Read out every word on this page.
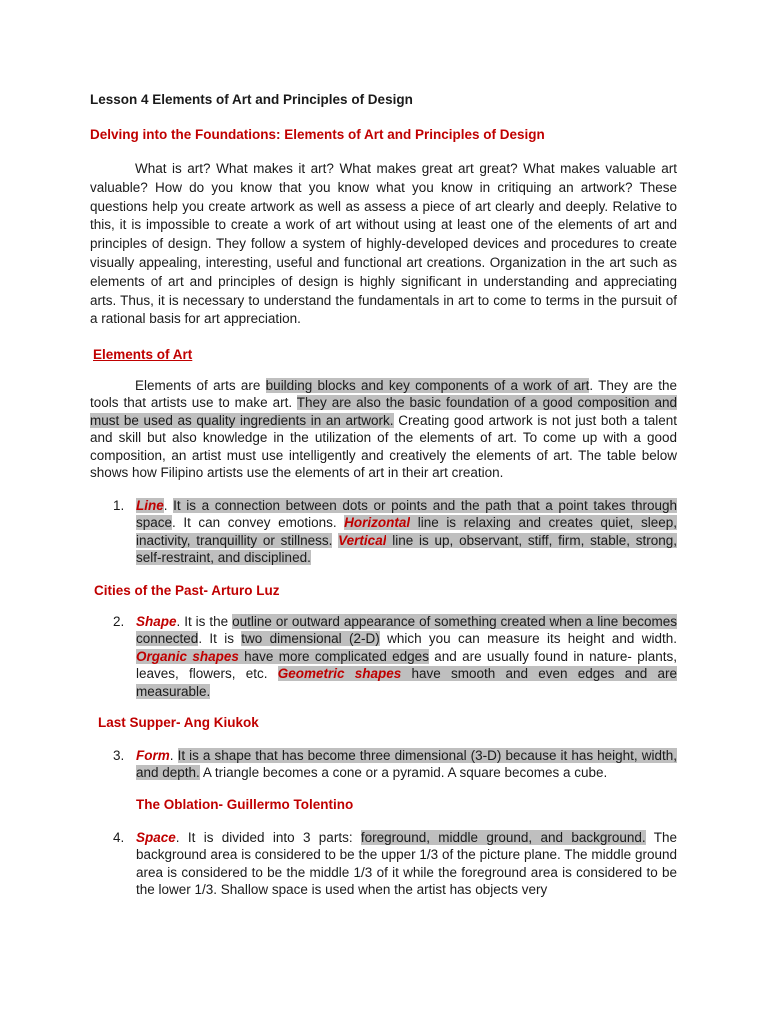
Lesson 4 Elements of Art and Principles of Design
Delving into the Foundations: Elements of Art and Principles of Design
What is art? What makes it art? What makes great art great? What makes valuable art valuable? How do you know that you know what you know in critiquing an artwork? These questions help you create artwork as well as assess a piece of art clearly and deeply. Relative to this, it is impossible to create a work of art without using at least one of the elements of art and principles of design. They follow a system of highly-developed devices and procedures to create visually appealing, interesting, useful and functional art creations. Organization in the art such as elements of art and principles of design is highly significant in understanding and appreciating arts. Thus, it is necessary to understand the fundamentals in art to come to terms in the pursuit of a rational basis for art appreciation.
Elements of Art
Elements of arts are building blocks and key components of a work of art. They are the tools that artists use to make art. They are also the basic foundation of a good composition and must be used as quality ingredients in an artwork. Creating good artwork is not just both a talent and skill but also knowledge in the utilization of the elements of art. To come up with a good composition, an artist must use intelligently and creatively the elements of art. The table below shows how Filipino artists use the elements of art in their art creation.
1. Line. It is a connection between dots or points and the path that a point takes through space. It can convey emotions. Horizontal line is relaxing and creates quiet, sleep, inactivity, tranquillity or stillness. Vertical line is up, observant, stiff, firm, stable, strong, self-restraint, and disciplined.
Cities of the Past- Arturo Luz
2. Shape. It is the outline or outward appearance of something created when a line becomes connected. It is two dimensional (2-D) which you can measure its height and width. Organic shapes have more complicated edges and are usually found in nature- plants, leaves, flowers, etc. Geometric shapes have smooth and even edges and are measurable.
Last Supper- Ang Kiukok
3. Form. It is a shape that has become three dimensional (3-D) because it has height, width, and depth. A triangle becomes a cone or a pyramid. A square becomes a cube.
The Oblation- Guillermo Tolentino
4. Space. It is divided into 3 parts: foreground, middle ground, and background. The background area is considered to be the upper 1/3 of the picture plane. The middle ground area is considered to be the middle 1/3 of it while the foreground area is considered to be the lower 1/3. Shallow space is used when the artist has objects very
